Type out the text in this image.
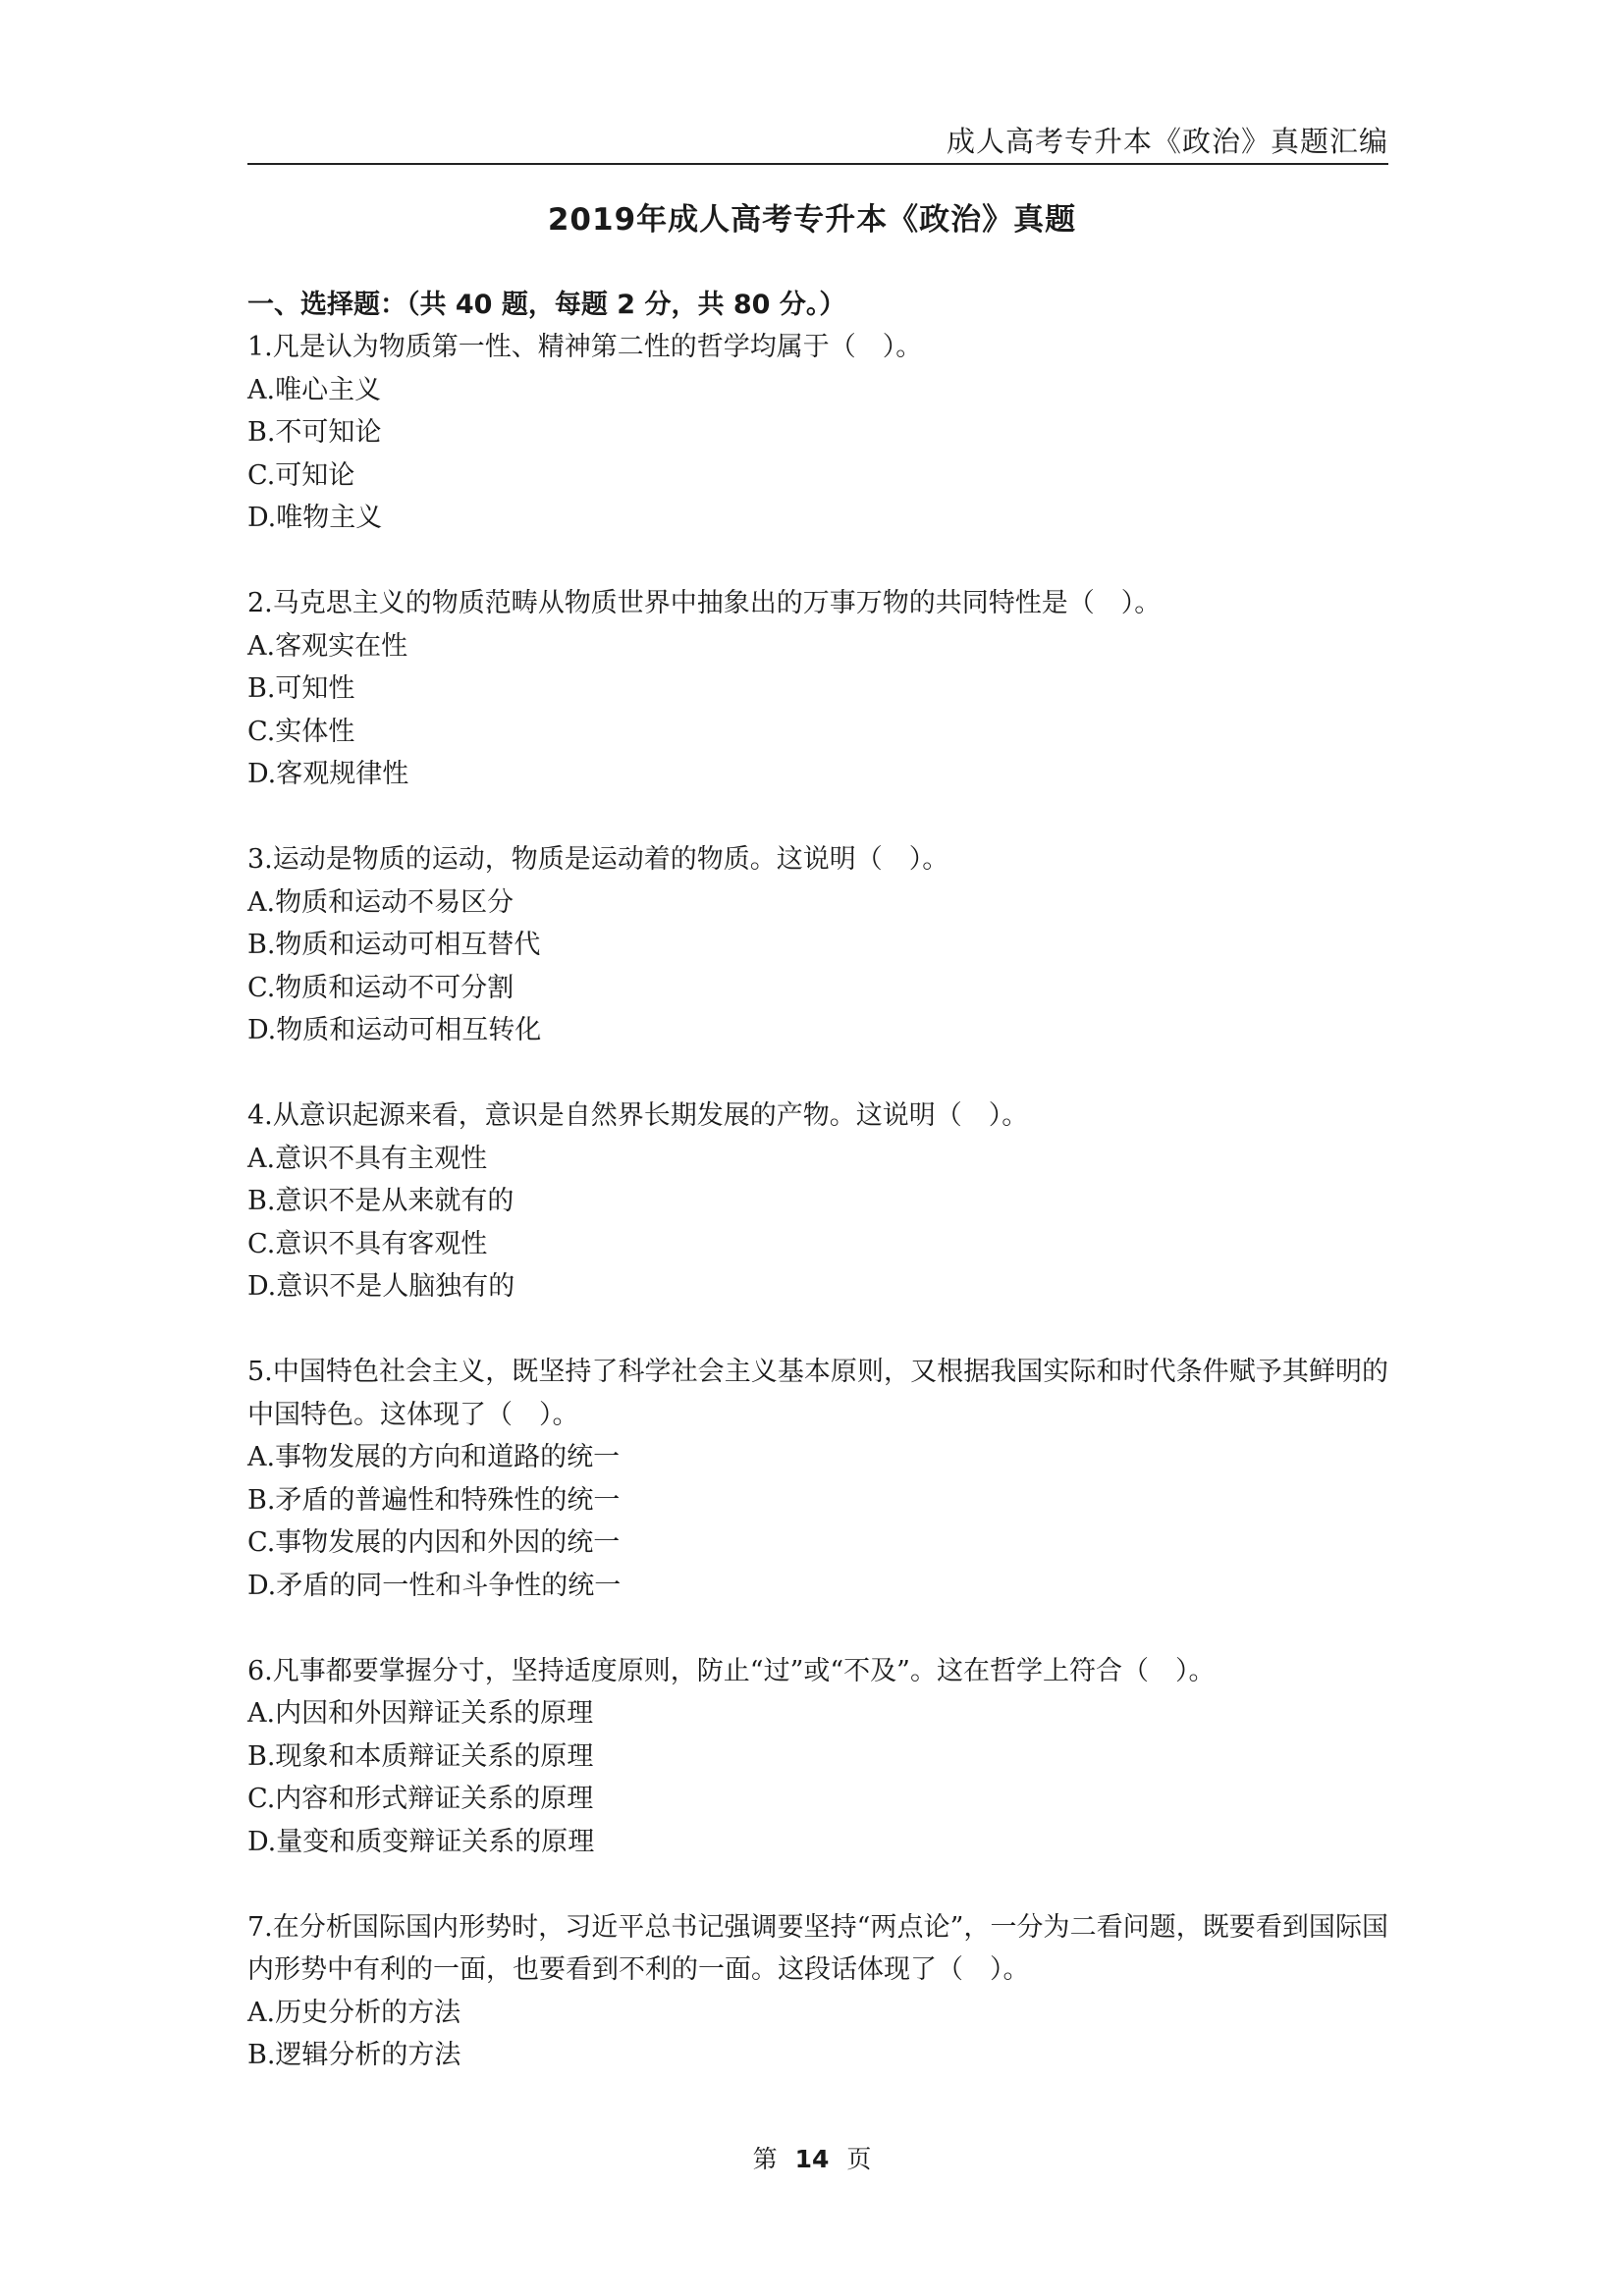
成人高考专升本《政治》真题汇编
2019年成人高考专升本《政治》真题
一、选择题：（共 40 题，每题 2 分，共 80 分。）
1.凡是认为物质第一性、精神第二性的哲学均属于（　）。
A.唯心主义
B.不可知论
C.可知论
D.唯物主义
2.马克思主义的物质范畴从物质世界中抽象出的万事万物的共同特性是（　）。
A.客观实在性
B.可知性
C.实体性
D.客观规律性
3.运动是物质的运动，物质是运动着的物质。这说明（　）。
A.物质和运动不易区分
B.物质和运动可相互替代
C.物质和运动不可分割
D.物质和运动可相互转化
4.从意识起源来看，意识是自然界长期发展的产物。这说明（　）。
A.意识不具有主观性
B.意识不是从来就有的
C.意识不具有客观性
D.意识不是人脑独有的
5.中国特色社会主义，既坚持了科学社会主义基本原则，又根据我国实际和时代条件赋予其鲜明的中国特色。这体现了（　）。
A.事物发展的方向和道路的统一
B.矛盾的普遍性和特殊性的统一
C.事物发展的内因和外因的统一
D.矛盾的同一性和斗争性的统一
6.凡事都要掌握分寸，坚持适度原则，防止“过”或“不及”。这在哲学上符合（　）。
A.内因和外因辩证关系的原理
B.现象和本质辩证关系的原理
C.内容和形式辩证关系的原理
D.量变和质变辩证关系的原理
7.在分析国际国内形势时，习近平总书记强调要坚持“两点论”，一分为二看问题，既要看到国际国内形势中有利的一面，也要看到不利的一面。这段话体现了（　）。
A.历史分析的方法
B.逻辑分析的方法
第 14 页
